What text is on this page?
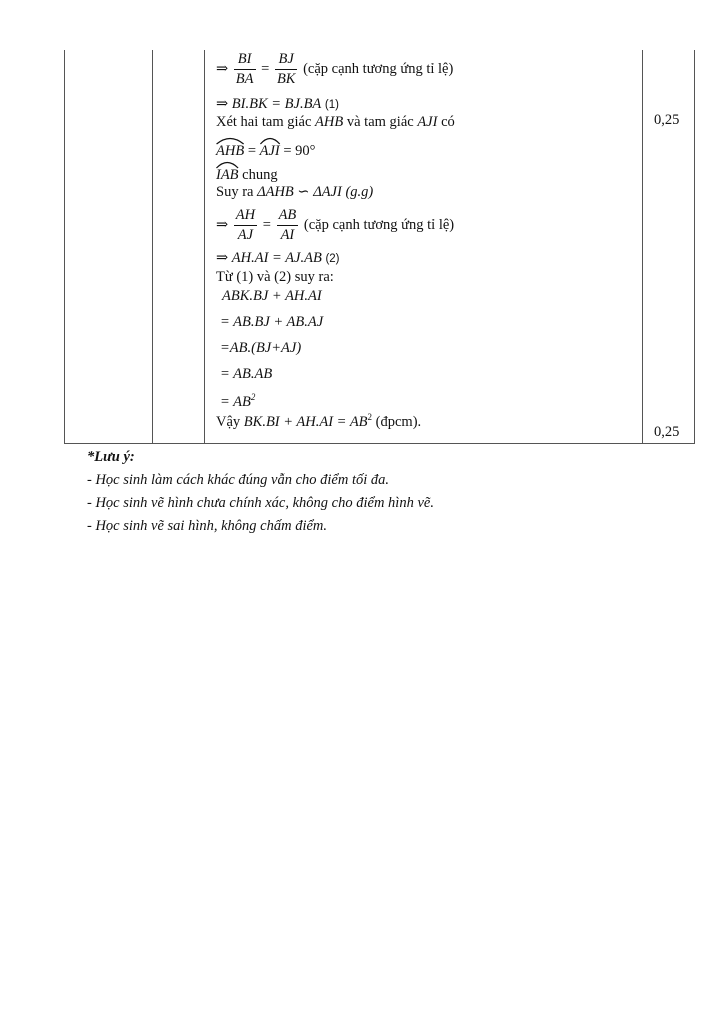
⇒ $\frac{BI}{BA} = \frac{BJ}{BK}$ (cặp cạnh tương ứng tỉ lệ)
⇒ BI.BK = BJ.BA (1)
Xét hai tam giác AHB và tam giác AJI có
AHB = AJI = 90°
IAB chung
Suy ra ΔAHB ∽ ΔAJI (g.g)
⇒ $\frac{AH}{AJ} = \frac{AB}{AI}$ (cặp cạnh tương ứng tỉ lệ)
⇒ AH.AI = AJ.AB (2)
Từ (1) và (2) suy ra:
ABK.BJ + AH.AI
= AB.BJ + AB.AJ
=AB.(BJ+AJ)
= AB.AB
= $AB^2$
Vậy $BK.BI + AH.AI = AB^2$ (đpcm).
0,25
0,25
*Lưu ý:
- Học sinh làm cách khác đúng vẫn cho điểm tối đa.
- Học sinh vẽ hình chưa chính xác, không cho điểm hình vẽ.
- Học sinh vẽ sai hình, không chấm điểm.
